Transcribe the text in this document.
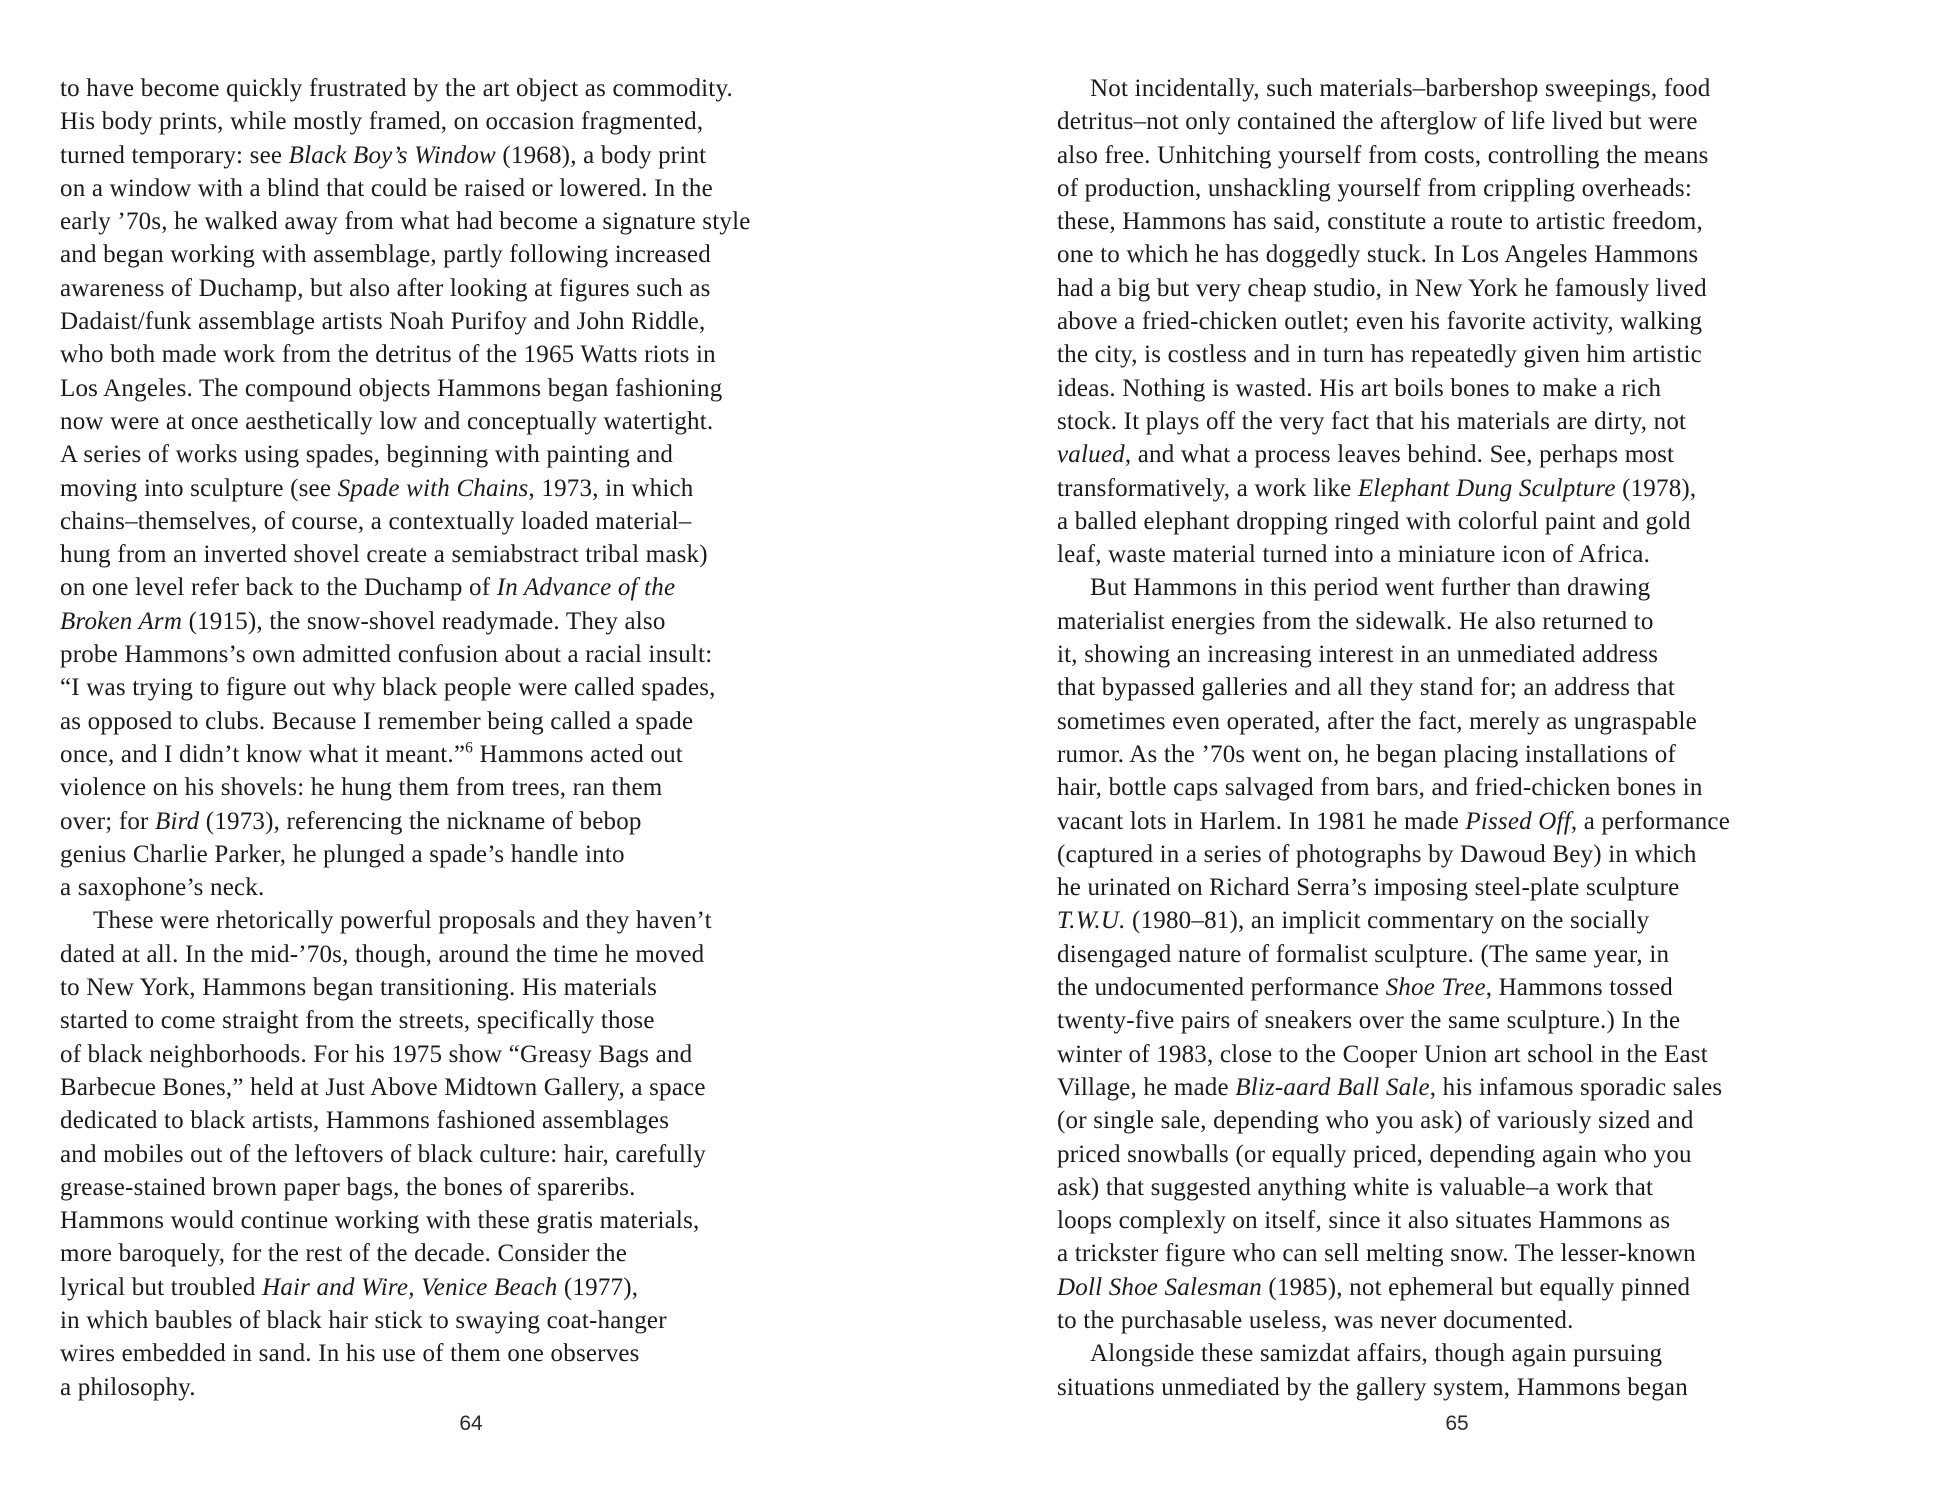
to have become quickly frustrated by the art object as commodity.
His body prints, while mostly framed, on occasion fragmented,
turned temporary: see Black Boy’s Window (1968), a body print
on a window with a blind that could be raised or lowered. In the
early ’70s, he walked away from what had become a signature style
and began working with assemblage, partly following increased
awareness of Duchamp, but also after looking at figures such as
Dadaist/funk assemblage artists Noah Purifoy and John Riddle,
who both made work from the detritus of the 1965 Watts riots in
Los Angeles. The compound objects Hammons began fashioning
now were at once aesthetically low and conceptually watertight.
A series of works using spades, beginning with painting and
moving into sculpture (see Spade with Chains, 1973, in which
chains–themselves, of course, a contextually loaded material–
hung from an inverted shovel create a semiabstract tribal mask)
on one level refer back to the Duchamp of In Advance of the
Broken Arm (1915), the snow-shovel readymade. They also
probe Hammons’s own admitted confusion about a racial insult:
“I was trying to figure out why black people were called spades,
as opposed to clubs. Because I remember being called a spade
once, and I didn’t know what it meant.”$^6$ Hammons acted out
violence on his shovels: he hung them from trees, ran them
over; for Bird (1973), referencing the nickname of bebop
genius Charlie Parker, he plunged a spade’s handle into
a saxophone’s neck.
These were rhetorically powerful proposals and they haven’t
dated at all. In the mid-’70s, though, around the time he moved
to New York, Hammons began transitioning. His materials
started to come straight from the streets, specifically those
of black neighborhoods. For his 1975 show “Greasy Bags and
Barbecue Bones,” held at Just Above Midtown Gallery, a space
dedicated to black artists, Hammons fashioned assemblages
and mobiles out of the leftovers of black culture: hair, carefully
grease-stained brown paper bags, the bones of spareribs.
Hammons would continue working with these gratis materials,
more baroquely, for the rest of the decade. Consider the
lyrical but troubled Hair and Wire, Venice Beach (1977),
in which baubles of black hair stick to swaying coat-hanger
wires embedded in sand. In his use of them one observes
a philosophy.
64
Not incidentally, such materials–barbershop sweepings, food
detritus–not only contained the afterglow of life lived but were
also free. Unhitching yourself from costs, controlling the means
of production, unshackling yourself from crippling overheads:
these, Hammons has said, constitute a route to artistic freedom,
one to which he has doggedly stuck. In Los Angeles Hammons
had a big but very cheap studio, in New York he famously lived
above a fried-chicken outlet; even his favorite activity, walking
the city, is costless and in turn has repeatedly given him artistic
ideas. Nothing is wasted. His art boils bones to make a rich
stock. It plays off the very fact that his materials are dirty, not
valued, and what a process leaves behind. See, perhaps most
transformatively, a work like Elephant Dung Sculpture (1978),
a balled elephant dropping ringed with colorful paint and gold
leaf, waste material turned into a miniature icon of Africa.
But Hammons in this period went further than drawing
materialist energies from the sidewalk. He also returned to
it, showing an increasing interest in an unmediated address
that bypassed galleries and all they stand for; an address that
sometimes even operated, after the fact, merely as ungraspable
rumor. As the ’70s went on, he began placing installations of
hair, bottle caps salvaged from bars, and fried-chicken bones in
vacant lots in Harlem. In 1981 he made Pissed Off, a performance
(captured in a series of photographs by Dawoud Bey) in which
he urinated on Richard Serra’s imposing steel-plate sculpture
T.W.U. (1980–81), an implicit commentary on the socially
disengaged nature of formalist sculpture. (The same year, in
the undocumented performance Shoe Tree, Hammons tossed
twenty-five pairs of sneakers over the same sculpture.) In the
winter of 1983, close to the Cooper Union art school in the East
Village, he made Bliz-aard Ball Sale, his infamous sporadic sales
(or single sale, depending who you ask) of variously sized and
priced snowballs (or equally priced, depending again who you
ask) that suggested anything white is valuable–a work that
loops complexly on itself, since it also situates Hammons as
a trickster figure who can sell melting snow. The lesser-known
Doll Shoe Salesman (1985), not ephemeral but equally pinned
to the purchasable useless, was never documented.
Alongside these samizdat affairs, though again pursuing
situations unmediated by the gallery system, Hammons began
65
